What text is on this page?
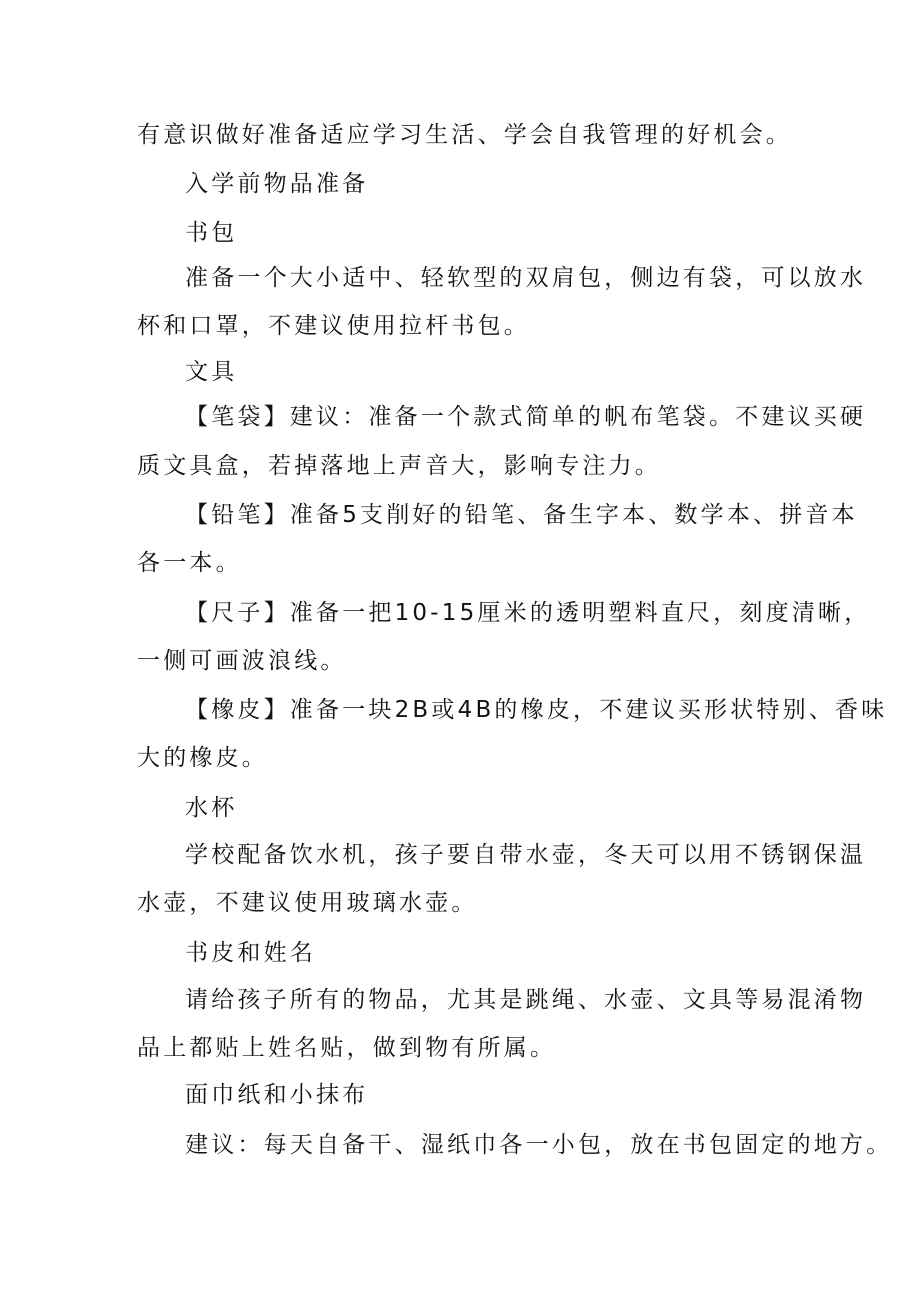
有意识做好准备适应学习生活、学会自我管理的好机会。
入学前物品准备
书包
准备一个大小适中、轻软型的双肩包，侧边有袋，可以放水
杯和口罩，不建议使用拉杆书包。
文具
【笔袋】建议：准备一个款式简单的帆布笔袋。不建议买硬
质文具盒，若掉落地上声音大，影响专注力。
【铅笔】准备5支削好的铅笔、备生字本、数学本、拼音本
各一本。
【尺子】准备一把10-15厘米的透明塑料直尺，刻度清晰，
一侧可画波浪线。
【橡皮】准备一块2B或4B的橡皮，不建议买形状特别、香味
大的橡皮。
水杯
学校配备饮水机，孩子要自带水壶，冬天可以用不锈钢保温
水壶，不建议使用玻璃水壶。
书皮和姓名
请给孩子所有的物品，尤其是跳绳、水壶、文具等易混淆物
品上都贴上姓名贴，做到物有所属。
面巾纸和小抹布
建议：每天自备干、湿纸巾各一小包，放在书包固定的地方。
